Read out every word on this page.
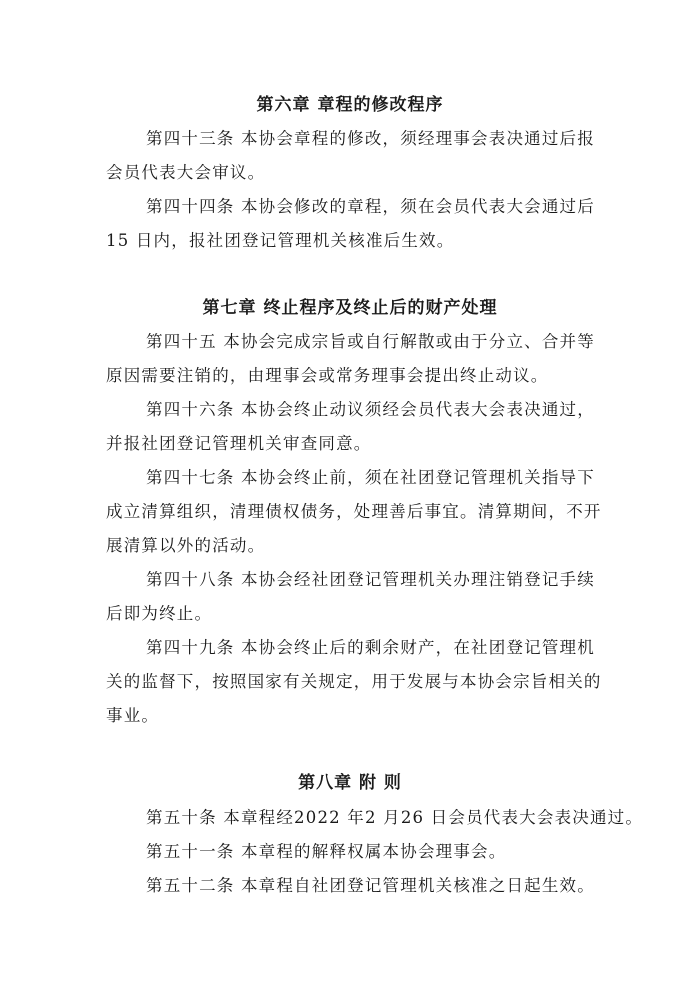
第六章 章程的修改程序
第四十三条 本协会章程的修改，须经理事会表决通过后报
会员代表大会审议。
第四十四条 本协会修改的章程，须在会员代表大会通过后
15 日内，报社团登记管理机关核准后生效。
第七章 终止程序及终止后的财产处理
第四十五 本协会完成宗旨或自行解散或由于分立、合并等
原因需要注销的，由理事会或常务理事会提出终止动议。
第四十六条 本协会终止动议须经会员代表大会表决通过，
并报社团登记管理机关审查同意。
第四十七条 本协会终止前，须在社团登记管理机关指导下
成立清算组织，清理债权债务，处理善后事宜。清算期间，不开
展清算以外的活动。
第四十八条 本协会经社团登记管理机关办理注销登记手续
后即为终止。
第四十九条 本协会终止后的剩余财产，在社团登记管理机
关的监督下，按照国家有关规定，用于发展与本协会宗旨相关的
事业。
第八章 附 则
第五十条 本章程经2022 年2 月26 日会员代表大会表决通过。
第五十一条 本章程的解释权属本协会理事会。
第五十二条 本章程自社团登记管理机关核准之日起生效。
